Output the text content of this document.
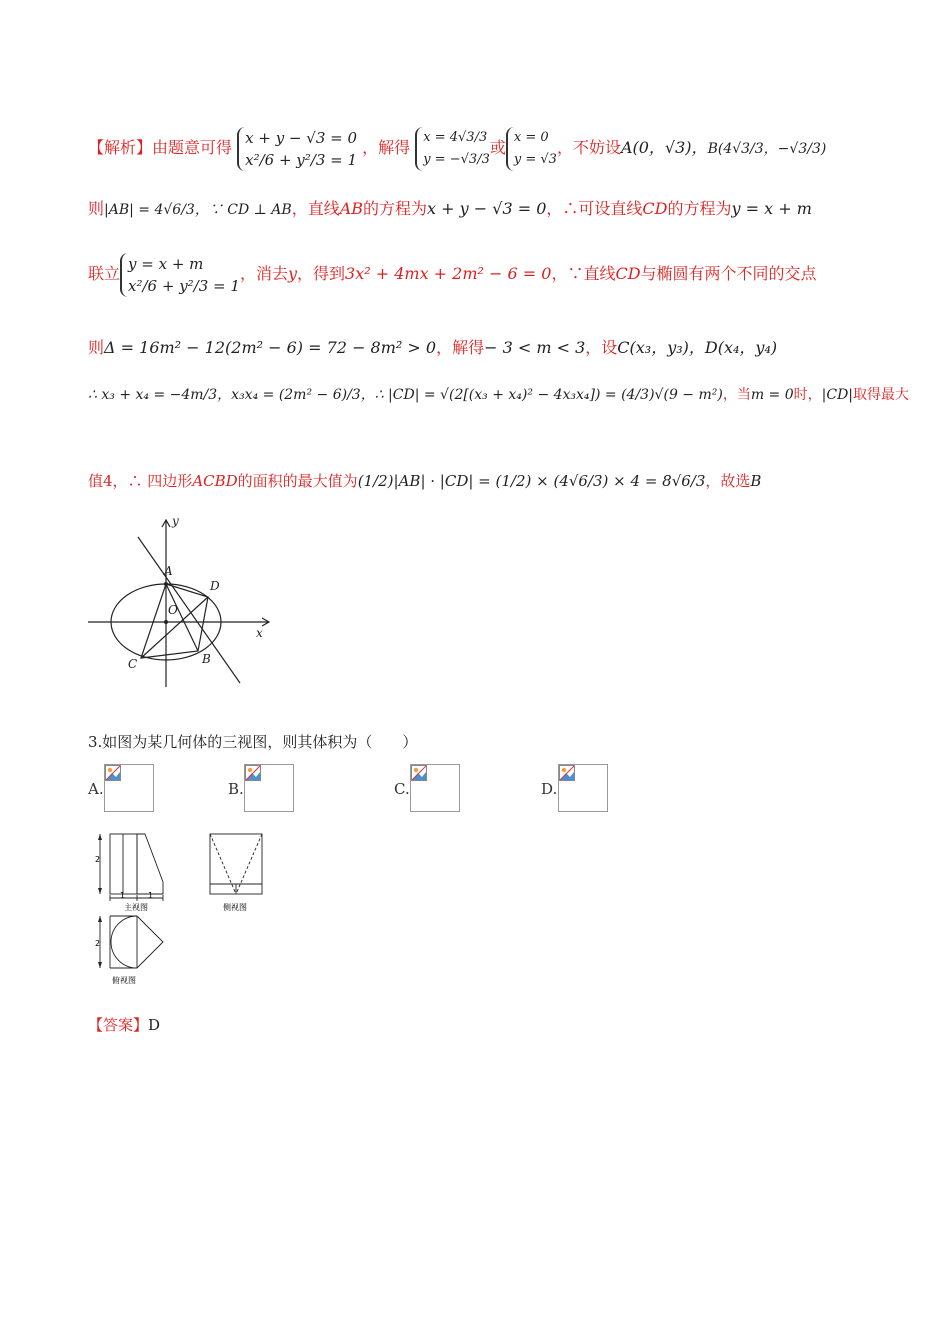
【解析】由题意可得
x + y − √3 = 0
x²/6 + y²/3 = 1
，解得
x = 4√3/3
y = −√3/3
或
x = 0
y = √3
，不妨设A(0，√3)，B(4√3/3，−√3/3)
则|AB| = 4√6/3，∵ CD ⊥ AB，直线AB的方程为x + y − √3 = 0，∴可设直线CD的方程为y = x + m
联立
y = x + m
x²/6 + y²/3 = 1
，消去y，得到3x² + 4mx + 2m² − 6 = 0，∵直线CD与椭圆有两个不同的交点
则Δ = 16m² − 12(2m² − 6) = 72 − 8m² > 0，解得− 3 < m < 3，设C(x₃，y₃)，D(x₄，y₄)
∴ x₃ + x₄ = −4m/3，x₃x₄ = (2m² − 6)/3，∴ |CD| = √(2[(x₃ + x₄)² − 4x₃x₄]) = (4/3)√(9 − m²)，当m = 0时，|CD|取得最大
值4，∴ 四边形ACBD的面积的最大值为(1/2)|AB| · |CD| = (1/2) × (4√6/3) × 4 = 8√6/3，故选B
y
x
A
D
O
C	B
3.如图为某几何体的三视图，则其体积为（　　）
A.	B.	C.	D.
2
1	1
主视图	侧视图
2
俯视图
【答案】D
